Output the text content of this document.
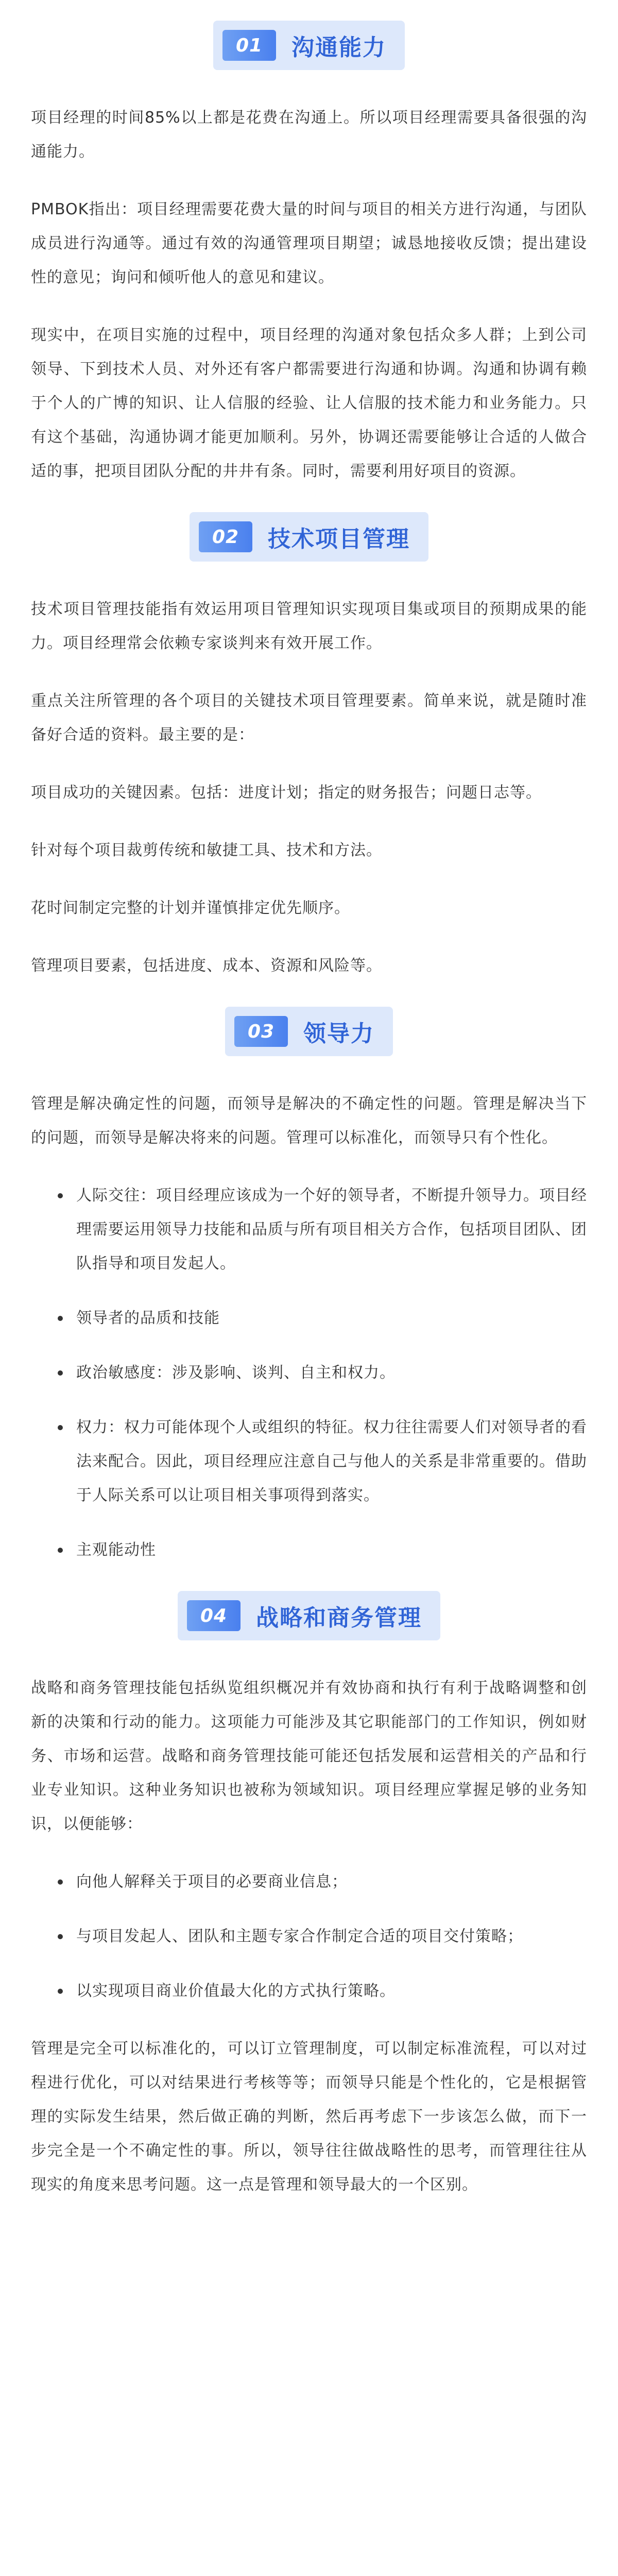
01	沟通能力

项目经理的时间85%以上都是花费在沟通上。所以项目经理需要具备很强的沟通能力。

PMBOK指出：项目经理需要花费大量的时间与项目的相关方进行沟通，与团队成员进行沟通等。通过有效的沟通管理项目期望；诚恳地接收反馈；提出建设性的意见；询问和倾听他人的意见和建议。

现实中，在项目实施的过程中，项目经理的沟通对象包括众多人群；上到公司领导、下到技术人员、对外还有客户都需要进行沟通和协调。沟通和协调有赖于个人的广博的知识、让人信服的经验、让人信服的技术能力和业务能力。只有这个基础，沟通协调才能更加顺利。另外，协调还需要能够让合适的人做合适的事，把项目团队分配的井井有条。同时，需要利用好项目的资源。

02	技术项目管理

技术项目管理技能指有效运用项目管理知识实现项目集或项目的预期成果的能力。项目经理常会依赖专家谈判来有效开展工作。

重点关注所管理的各个项目的关键技术项目管理要素。简单来说，就是随时准备好合适的资料。最主要的是：

项目成功的关键因素。包括：进度计划；指定的财务报告；问题日志等。

针对每个项目裁剪传统和敏捷工具、技术和方法。

花时间制定完整的计划并谨慎排定优先顺序。

管理项目要素，包括进度、成本、资源和风险等。

03	领导力

管理是解决确定性的问题，而领导是解决的不确定性的问题。管理是解决当下的问题，而领导是解决将来的问题。管理可以标准化，而领导只有个性化。

人际交往：项目经理应该成为一个好的领导者，不断提升领导力。项目经理需要运用领导力技能和品质与所有项目相关方合作，包括项目团队、团队指导和项目发起人。
领导者的品质和技能
政治敏感度：涉及影响、谈判、自主和权力。
权力：权力可能体现个人或组织的特征。权力往往需要人们对领导者的看法来配合。因此，项目经理应注意自己与他人的关系是非常重要的。借助于人际关系可以让项目相关事项得到落实。
主观能动性
04	战略和商务管理

战略和商务管理技能包括纵览组织概况并有效协商和执行有利于战略调整和创新的决策和行动的能力。这项能力可能涉及其它职能部门的工作知识，例如财务、市场和运营。战略和商务管理技能可能还包括发展和运营相关的产品和行业专业知识。这种业务知识也被称为领域知识。项目经理应掌握足够的业务知识，以便能够：

向他人解释关于项目的必要商业信息；
与项目发起人、团队和主题专家合作制定合适的项目交付策略；
以实现项目商业价值最大化的方式执行策略。

管理是完全可以标准化的，可以订立管理制度，可以制定标准流程，可以对过程进行优化，可以对结果进行考核等等；而领导只能是个性化的，它是根据管理的实际发生结果，然后做正确的判断，然后再考虑下一步该怎么做，而下一步完全是一个不确定性的事。所以，领导往往做战略性的思考，而管理往往从现实的角度来思考问题。这一点是管理和领导最大的一个区别。
